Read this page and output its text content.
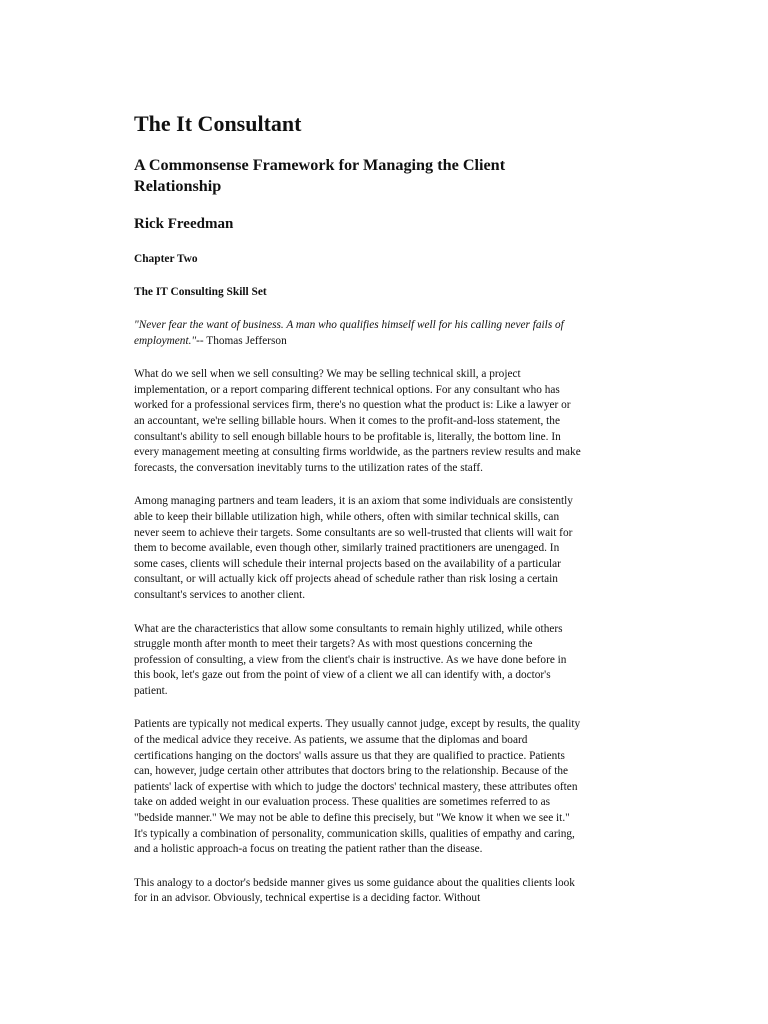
The It Consultant
A Commonsense Framework for Managing the Client Relationship
Rick Freedman
Chapter Two
The IT Consulting Skill Set
"Never fear the want of business. A man who qualifies himself well for his calling never fails of employment."-- Thomas Jefferson

What do we sell when we sell consulting? We may be selling technical skill, a project implementation, or a report comparing different technical options. For any consultant who has worked for a professional services firm, there's no question what the product is: Like a lawyer or an accountant, we're selling billable hours. When it comes to the profit-and-loss statement, the consultant's ability to sell enough billable hours to be profitable is, literally, the bottom line. In every management meeting at consulting firms worldwide, as the partners review results and make forecasts, the conversation inevitably turns to the utilization rates of the staff.

Among managing partners and team leaders, it is an axiom that some individuals are consistently able to keep their billable utilization high, while others, often with similar technical skills, can never seem to achieve their targets. Some consultants are so well-trusted that clients will wait for them to become available, even though other, similarly trained practitioners are unengaged. In some cases, clients will schedule their internal projects based on the availability of a particular consultant, or will actually kick off projects ahead of schedule rather than risk losing a certain consultant's services to another client.

What are the characteristics that allow some consultants to remain highly utilized, while others struggle month after month to meet their targets? As with most questions concerning the profession of consulting, a view from the client's chair is instructive. As we have done before in this book, let's gaze out from the point of view of a client we all can identify with, a doctor's patient.

Patients are typically not medical experts. They usually cannot judge, except by results, the quality of the medical advice they receive. As patients, we assume that the diplomas and board certifications hanging on the doctors' walls assure us that they are qualified to practice. Patients can, however, judge certain other attributes that doctors bring to the relationship. Because of the patients' lack of expertise with which to judge the doctors' technical mastery, these attributes often take on added weight in our evaluation process. These qualities are sometimes referred to as "bedside manner." We may not be able to define this precisely, but "We know it when we see it." It's typically a combination of personality, communication skills, qualities of empathy and caring, and a holistic approach-a focus on treating the patient rather than the disease.

This analogy to a doctor's bedside manner gives us some guidance about the qualities clients look for in an advisor. Obviously, technical expertise is a deciding factor. Without
